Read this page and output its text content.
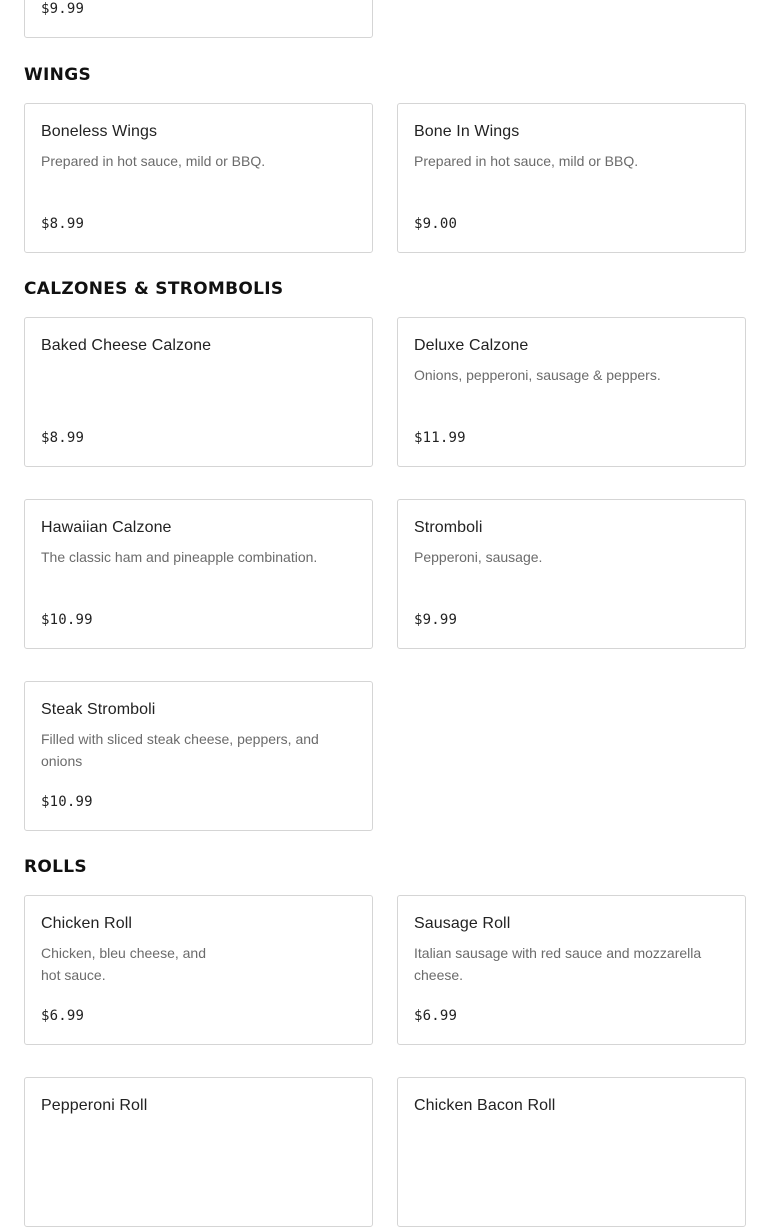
$9.99
WINGS
Boneless Wings
Prepared in hot sauce, mild or BBQ.
$8.99
Bone In Wings
Prepared in hot sauce, mild or BBQ.
$9.00
CALZONES & STROMBOLIS
Baked Cheese Calzone
$8.99
Deluxe Calzone
Onions, pepperoni, sausage & peppers.
$11.99
Hawaiian Calzone
The classic ham and pineapple combination.
$10.99
Stromboli
Pepperoni, sausage.
$9.99
Steak Stromboli
Filled with sliced steak cheese, peppers, and onions
$10.99
ROLLS
Chicken Roll
Chicken, bleu cheese, and hot sauce.
$6.99
Sausage Roll
Italian sausage with red sauce and mozzarella cheese.
$6.99
Pepperoni Roll	Chicken Bacon Roll
